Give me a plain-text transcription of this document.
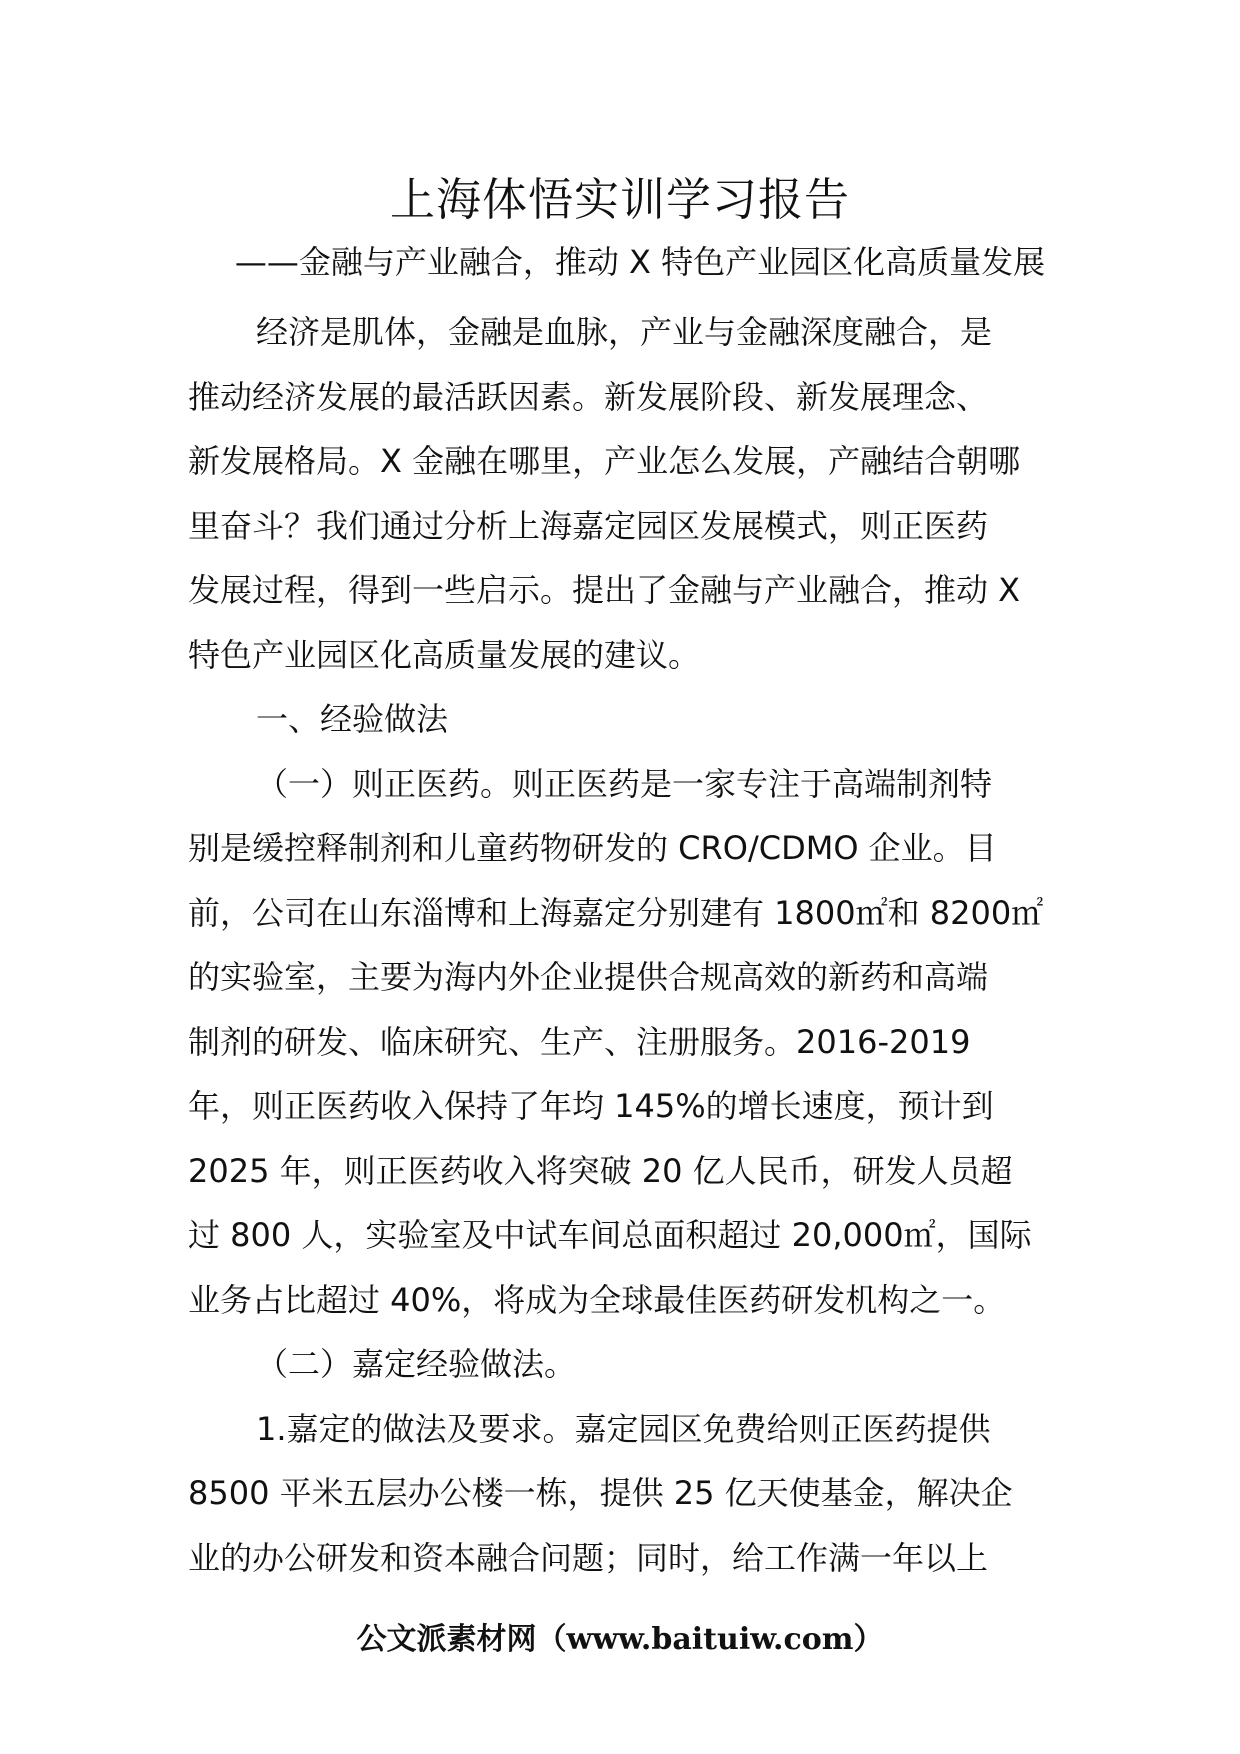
上海体悟实训学习报告
——金融与产业融合，推动 X 特色产业园区化高质量发展
经济是肌体，金融是血脉，产业与金融深度融合，是
推动经济发展的最活跃因素。新发展阶段、新发展理念、
新发展格局。X 金融在哪里，产业怎么发展，产融结合朝哪
里奋斗？我们通过分析上海嘉定园区发展模式，则正医药
发展过程，得到一些启示。提出了金融与产业融合，推动 X
特色产业园区化高质量发展的建议。
一、经验做法
（一）则正医药。则正医药是一家专注于高端制剂特
别是缓控释制剂和儿童药物研发的 CRO/CDMO 企业。目
前，公司在山东淄博和上海嘉定分别建有 1800㎡和 8200㎡
的实验室，主要为海内外企业提供合规高效的新药和高端
制剂的研发、临床研究、生产、注册服务。2016-2019
年，则正医药收入保持了年均 145%的增长速度，预计到
2025 年，则正医药收入将突破 20 亿人民币，研发人员超
过 800 人，实验室及中试车间总面积超过 20,000㎡，国际
业务占比超过 40%，将成为全球最佳医药研发机构之一。
（二）嘉定经验做法。
1.嘉定的做法及要求。嘉定园区免费给则正医药提供
8500 平米五层办公楼一栋，提供 25 亿天使基金，解决企
业的办公研发和资本融合问题；同时，给工作满一年以上
公文派素材网（www.baituiw.com）
